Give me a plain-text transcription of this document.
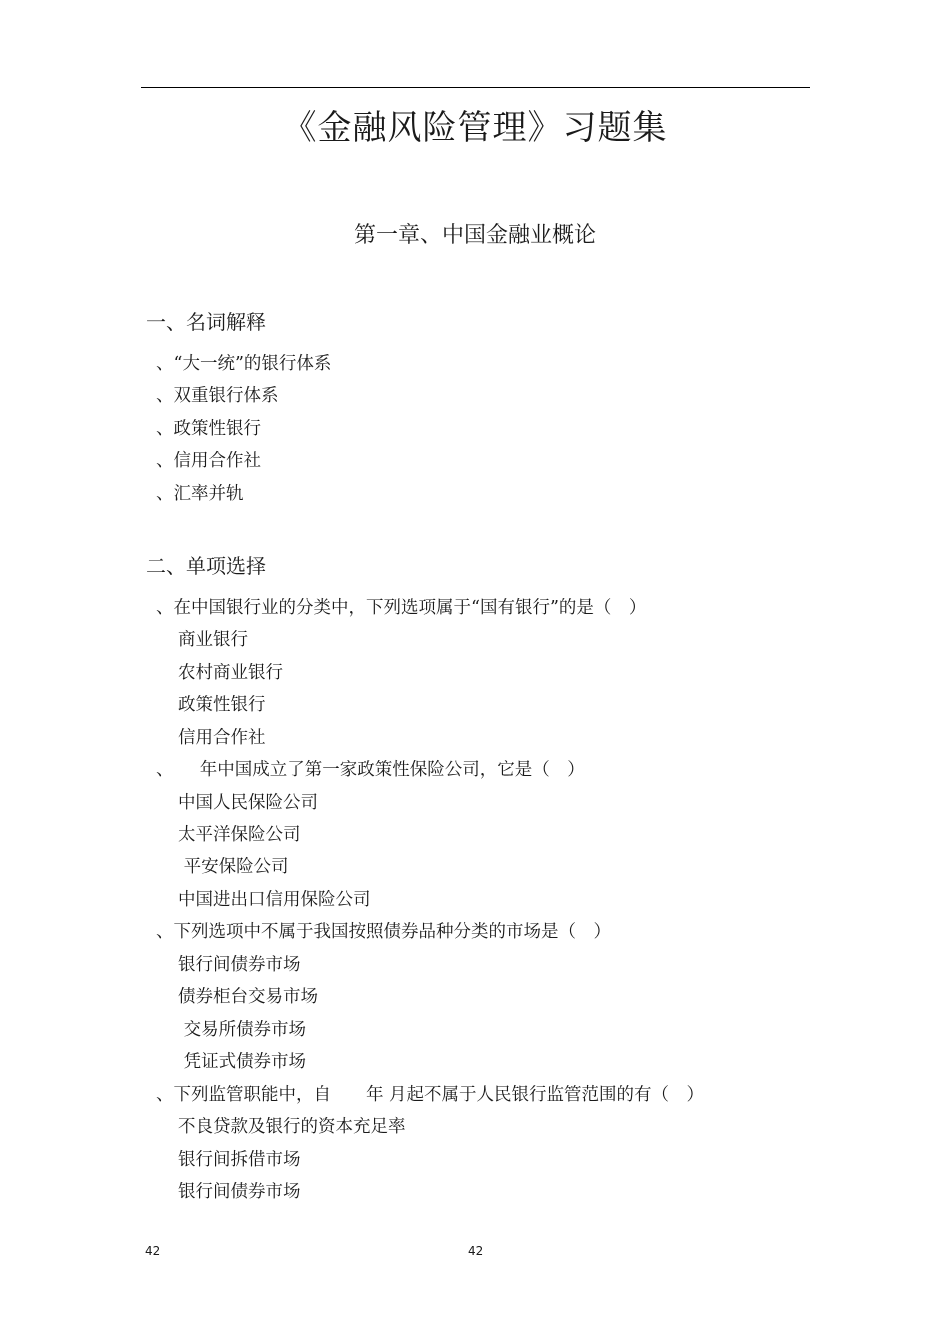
《金融风险管理》习题集
第一章、中国金融业概论
一、名词解释
、“大一统”的银行体系
、双重银行体系
、政策性银行
、信用合作社
、汇率并轨
二、单项选择
、在中国银行业的分类中，下列选项属于“国有银行”的是（　）
商业银行
农村商业银行
政策性银行
信用合作社
、　　年中国成立了第一家政策性保险公司，它是（　）
中国人民保险公司
太平洋保险公司
平安保险公司
中国进出口信用保险公司
、下列选项中不属于我国按照债券品种分类的市场是（　）
银行间债券市场
债券柜台交易市场
交易所债券市场
凭证式债券市场
、下列监管职能中，自　　年 月起不属于人民银行监管范围的有（　）
不良贷款及银行的资本充足率
银行间拆借市场
银行间债券市场
42	42
